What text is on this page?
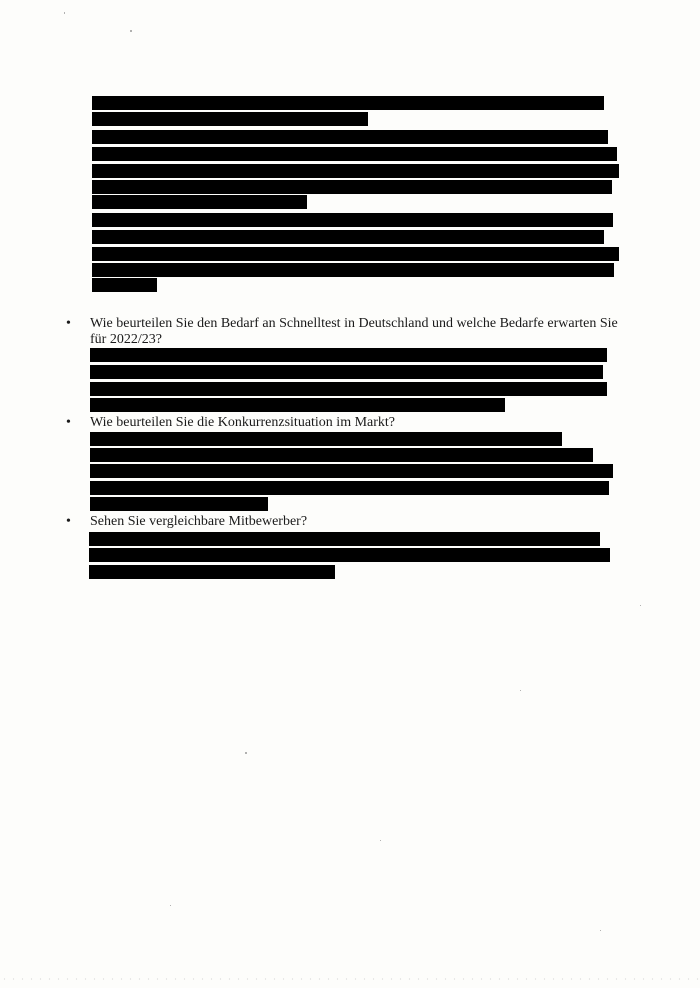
•	Wie beurteilen Sie den Bedarf an Schnelltest in Deutschland und welche Bedarfe erwarten Sie für 2022/23?
•	Wie beurteilen Sie die Konkurrenzsituation im Markt?
•	Sehen Sie vergleichbare Mitbewerber?
